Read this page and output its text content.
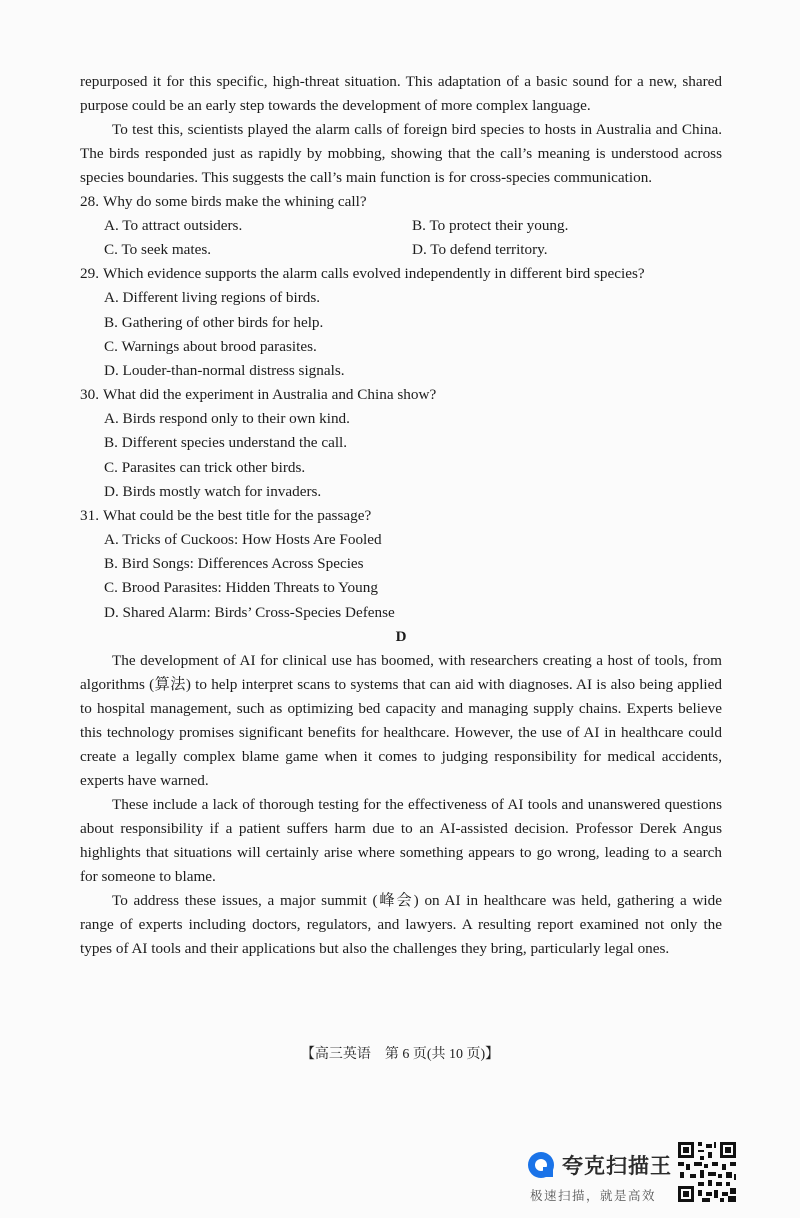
repurposed it for this specific, high-threat situation. This adaptation of a basic sound for a new, shared purpose could be an early step towards the development of more complex language.

To test this, scientists played the alarm calls of foreign bird species to hosts in Australia and China. The birds responded just as rapidly by mobbing, showing that the call’s meaning is understood across species boundaries. This suggests the call’s main function is for cross-species communication.

28. Why do some birds make the whining call?

A. To attract outsiders.	B. To protect their young.
C. To seek mates.	D. To defend territory.

29. Which evidence supports the alarm calls evolved independently in different bird species?

A. Different living regions of birds.
B. Gathering of other birds for help.
C. Warnings about brood parasites.
D. Louder-than-normal distress signals.

30. What did the experiment in Australia and China show?

A. Birds respond only to their own kind.
B. Different species understand the call.
C. Parasites can trick other birds.
D. Birds mostly watch for invaders.

31. What could be the best title for the passage?

A. Tricks of Cuckoos: How Hosts Are Fooled
B. Bird Songs: Differences Across Species
C. Brood Parasites: Hidden Threats to Young
D. Shared Alarm: Birds’ Cross-Species Defense

D

The development of AI for clinical use has boomed, with researchers creating a host of tools, from algorithms (算法) to help interpret scans to systems that can aid with diagnoses. AI is also being applied to hospital management, such as optimizing bed capacity and managing supply chains. Experts believe this technology promises significant benefits for healthcare. However, the use of AI in healthcare could create a legally complex blame game when it comes to judging responsibility for medical accidents, experts have warned.

These include a lack of thorough testing for the effectiveness of AI tools and unanswered questions about responsibility if a patient suffers harm due to an AI-assisted decision. Professor Derek Angus highlights that situations will certainly arise where something appears to go wrong, leading to a search for someone to blame.

To address these issues, a major summit (峰会) on AI in healthcare was held, gathering a wide range of experts including doctors, regulators, and lawyers. A resulting report examined not only the types of AI tools and their applications but also the challenges they bring, particularly legal ones.

【高三英语　第 6 页(共 10 页)】
夸克扫描王
极速扫描，就是高效
